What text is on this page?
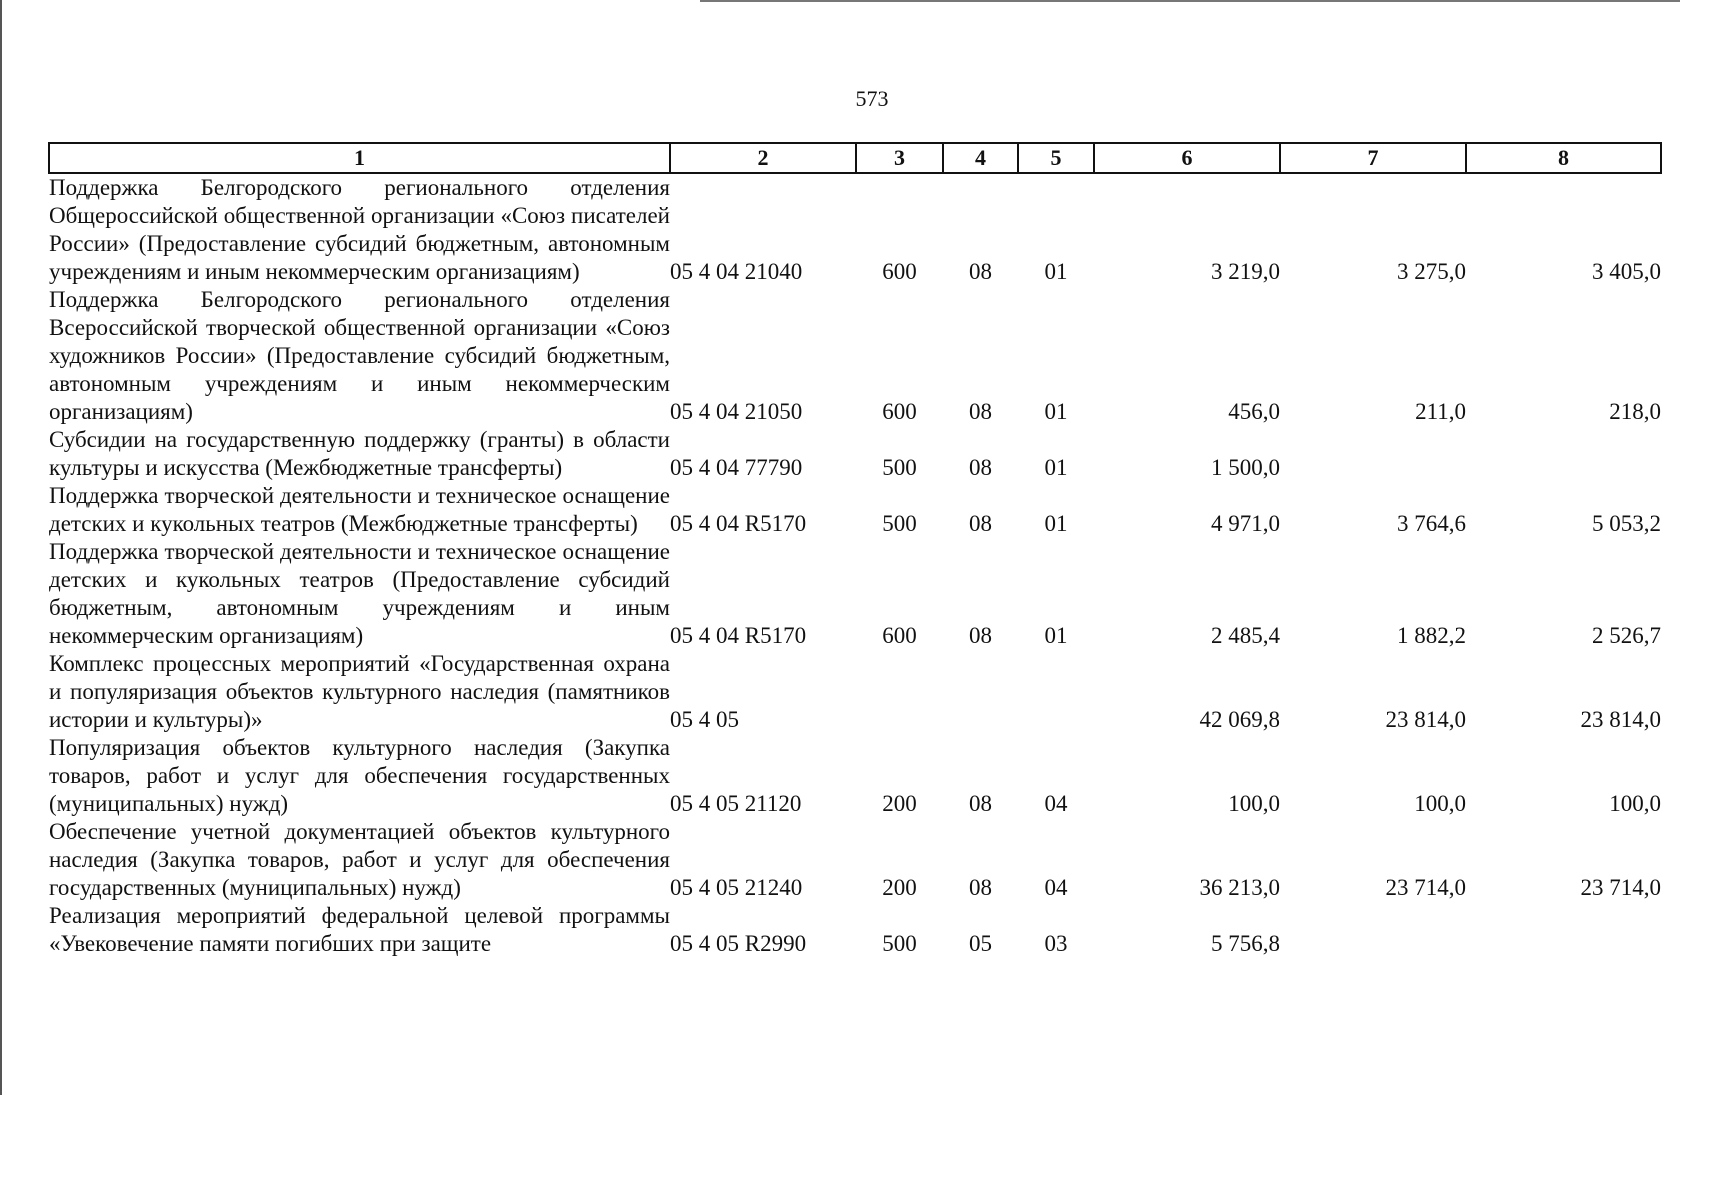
573
1	2	3	4	5	6	7	8
Поддержка Белгородского регионального отделения Общероссийской общественной организации «Союз писателей России» (Предоставление субсидий бюджетным, автономным учреждениям и иным некоммерческим организациям)	05 4 04 21040	600	08	01	3 219,0	3 275,0	3 405,0
Поддержка Белгородского регионального отделения Всероссийской творческой общественной организации «Союз художников России» (Предоставление субсидий бюджетным, автономным учреждениям и иным некоммерческим организациям)	05 4 04 21050	600	08	01	456,0	211,0	218,0
Субсидии на государственную поддержку (гранты) в области культуры и искусства (Межбюджетные трансферты)	05 4 04 77790	500	08	01	1 500,0		
Поддержка творческой деятельности и техническое оснащение детских и кукольных театров (Межбюджетные трансферты)	05 4 04 R5170	500	08	01	4 971,0	3 764,6	5 053,2
Поддержка творческой деятельности и техническое оснащение детских и кукольных театров (Предоставление субсидий бюджетным, автономным учреждениям и иным некоммерческим организациям)	05 4 04 R5170	600	08	01	2 485,4	1 882,2	2 526,7
Комплекс процессных мероприятий «Государственная охрана и популяризация объектов культурного наследия (памятников истории и культуры)»	05 4 05				42 069,8	23 814,0	23 814,0
Популяризация объектов культурного наследия (Закупка товаров, работ и услуг для обеспечения государственных (муниципальных) нужд)	05 4 05 21120	200	08	04	100,0	100,0	100,0
Обеспечение учетной документацией объектов культурного наследия (Закупка товаров, работ и услуг для обеспечения государственных (муниципальных) нужд)	05 4 05 21240	200	08	04	36 213,0	23 714,0	23 714,0
Реализация мероприятий федеральной целевой программы «Увековечение памяти погибших при защите	05 4 05 R2990	500	05	03	5 756,8		
